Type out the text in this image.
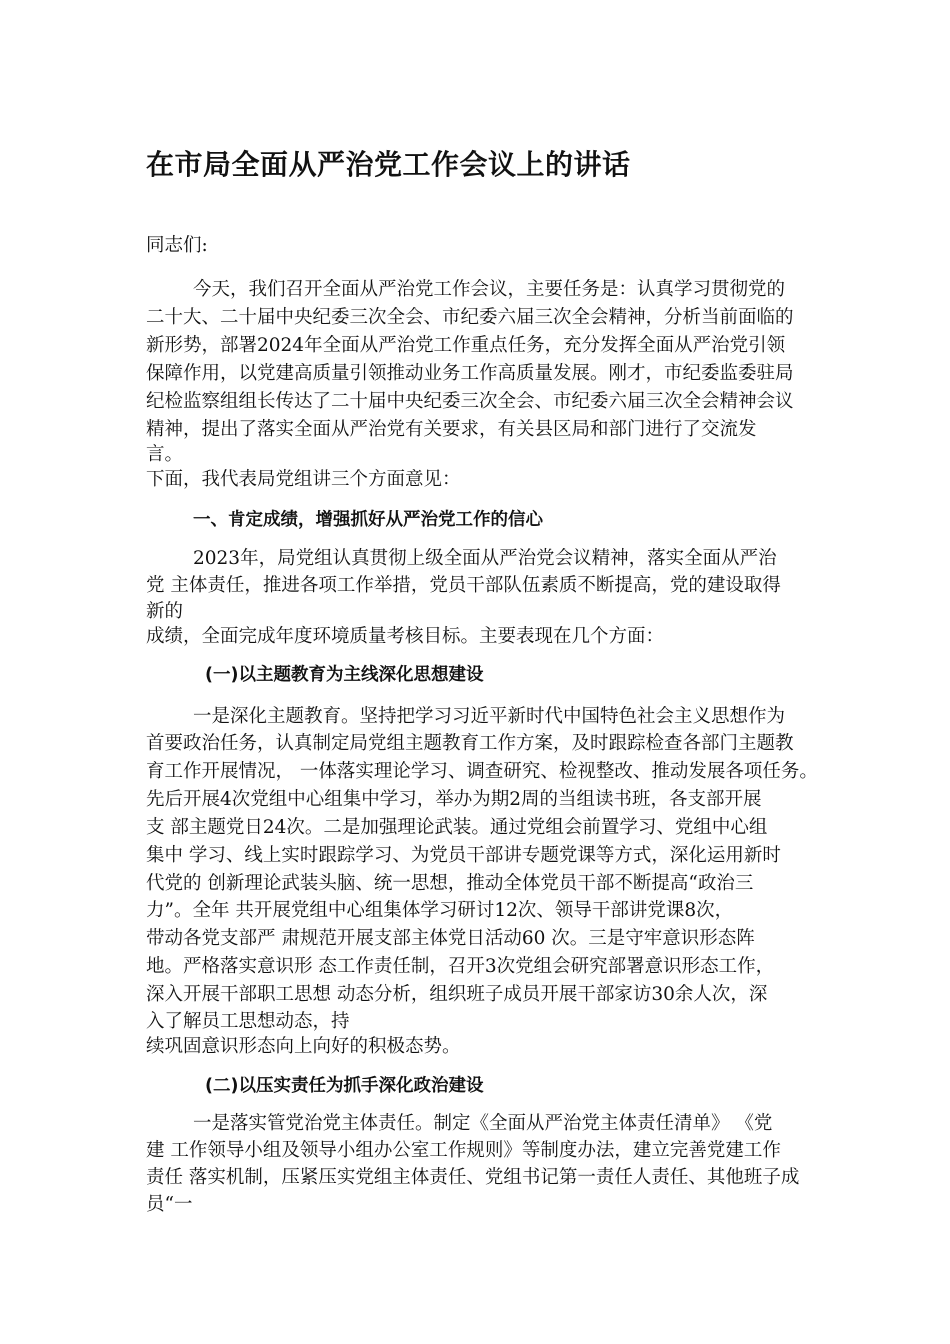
在市局全面从严治党工作会议上的讲话

同志们:

今天，我们召开全面从严治党工作会议，主要任务是：认真学习贯彻党的

二十大、二十届中央纪委三次全会、市纪委六届三次全会精神，分析当前面临的

新形势，部署2024年全面从严治党工作重点任务，充分发挥全面从严治党引领

保障作用，以党建高质量引领推动业务工作高质量发展。刚才，市纪委监委驻局

纪检监察组组长传达了二十届中央纪委三次全会、市纪委六届三次全会精神会议

精神，提出了落实全面从严治党有关要求，有关县区局和部门进行了交流发

言。

下面，我代表局党组讲三个方面意见：

一、肯定成绩，增强抓好从严治党工作的信心

2023年，局党组认真贯彻上级全面从严治党会议精神，落实全面从严治

党 主体责任，推进各项工作举措，党员干部队伍素质不断提高，党的建设取得

新的

成绩，全面完成年度环境质量考核目标。主要表现在几个方面：

(一)以主题教育为主线深化思想建设

一是深化主题教育。坚持把学习习近平新时代中国特色社会主义思想作为

首要政治任务，认真制定局党组主题教育工作方案，及时跟踪检查各部门主题教

育工作开展情况， 一体落实理论学习、调查研究、检视整改、推动发展各项任务。

先后开展4次党组中心组集中学习，举办为期2周的当组读书班，各支部开展

支 部主题党日24次。二是加强理论武装。通过党组会前置学习、党组中心组

集中 学习、线上实时跟踪学习、为党员干部讲专题党课等方式，深化运用新时

代党的 创新理论武装头脑、统一思想，推动全体党员干部不断提高“政治三

力”。全年 共开展党组中心组集体学习研讨12次、领导干部讲党课8次，

带动各党支部严 肃规范开展支部主体党日活动60 次。三是守牢意识形态阵

地。严格落实意识形 态工作责任制，召开3次党组会研究部署意识形态工作，

深入开展干部职工思想 动态分析，组织班子成员开展干部家访30余人次，深

入了解员工思想动态，持

续巩固意识形态向上向好的积极态势。

(二)以压实责任为抓手深化政治建设

一是落实管党治党主体责任。制定《全面从严治党主体责任清单》 《党

建 工作领导小组及领导小组办公室工作规则》等制度办法，建立完善党建工作

责任 落实机制，压紧压实党组主体责任、党组书记第一责任人责任、其他班子成

员“一
